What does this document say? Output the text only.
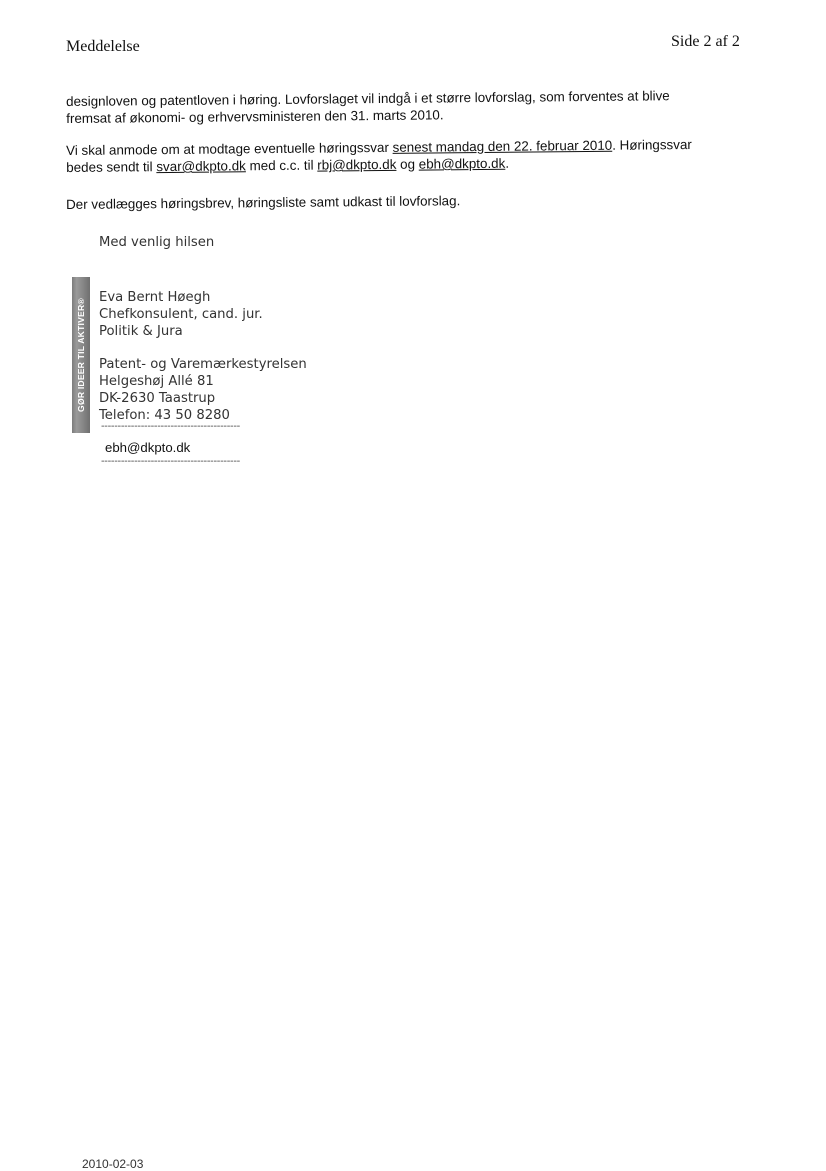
Meddelelse	Side 2 af 2
designloven og patentloven i høring. Lovforslaget vil indgå i et større lovforslag, som forventes at blive
fremsat af økonomi- og erhvervsministeren den 31. marts 2010.
Vi skal anmode om at modtage eventuelle høringssvar senest mandag den 22. februar 2010. Høringssvar
bedes sendt til svar@dkpto.dk med c.c. til rbj@dkpto.dk og ebh@dkpto.dk.
Der vedlægges høringsbrev, høringsliste samt udkast til lovforslag.
Med venlig hilsen
GØR IDEER TIL AKTIVER®
Eva Bernt Høegh
Chefkonsulent, cand. jur.
Politik & Jura
Patent- og Varemærkestyrelsen
Helgeshøj Allé 81
DK-2630 Taastrup
Telefon: 43 50 8280
------------------------------------------
ebh@dkpto.dk
------------------------------------------
2010-02-03
